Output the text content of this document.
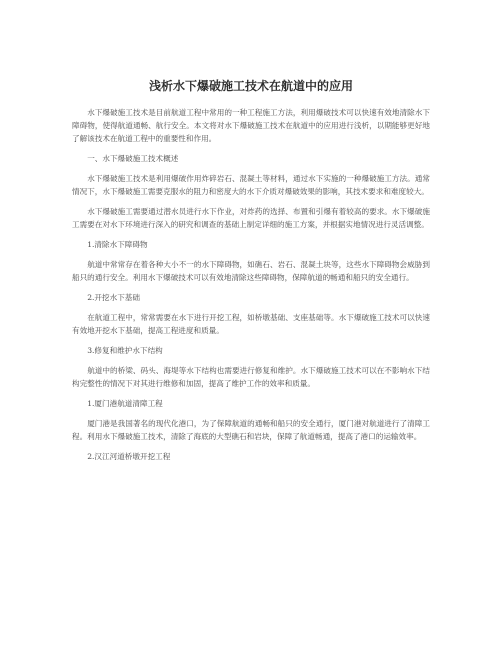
浅析水下爆破施工技术在航道中的应用
水下爆破施工技术是目前航道工程中常用的一种工程施工方法，利用爆破技术可以快速有效地清除水下障碍物，使得航道通畅、航行安全。本文将对水下爆破施工技术在航道中的应用进行浅析，以期能够更好地了解该技术在航道工程中的重要性和作用。
一、水下爆破施工技术概述
水下爆破施工技术是利用爆破作用炸碎岩石、混凝土等材料，通过水下实施的一种爆破施工方法。通常情况下，水下爆破施工需要克服水的阻力和密度大的水下介质对爆破效果的影响，其技术要求和难度较大。
水下爆破施工需要通过潜水员进行水下作业，对炸药的选择、布置和引爆有着较高的要求。水下爆破施工需要在对水下环境进行深入的研究和调查的基础上制定详细的施工方案，并根据实地情况进行灵活调整。
1.清除水下障碍物
航道中常常存在着各种大小不一的水下障碍物，如礁石、岩石、混凝土块等，这些水下障碍物会威胁到船只的通行安全。利用水下爆破技术可以有效地清除这些障碍物，保障航道的畅通和船只的安全通行。
2.开挖水下基础
在航道工程中，常常需要在水下进行开挖工程，如桥墩基础、支座基础等。水下爆破施工技术可以快速有效地开挖水下基础，提高工程进度和质量。
3.修复和维护水下结构
航道中的桥梁、码头、海堤等水下结构也需要进行修复和维护。水下爆破施工技术可以在不影响水下结构完整性的情况下对其进行维修和加固，提高了维护工作的效率和质量。
1.厦门港航道清障工程
厦门港是我国著名的现代化港口，为了保障航道的通畅和船只的安全通行，厦门港对航道进行了清障工程。利用水下爆破施工技术，清除了海底的大型礁石和岩块，保障了航道畅通，提高了港口的运输效率。
2.汉江河道桥墩开挖工程
